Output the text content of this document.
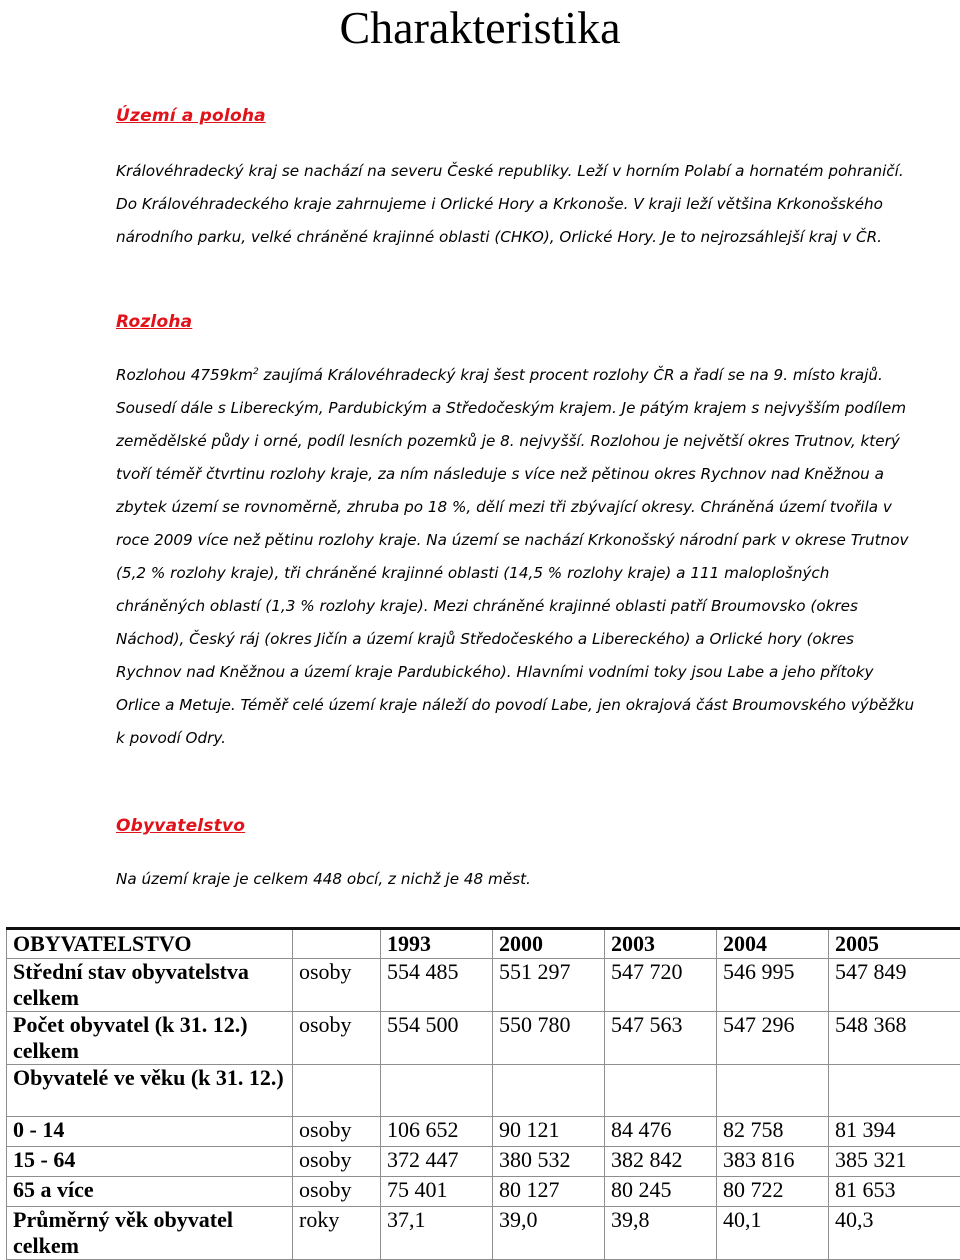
Charakteristika
Území a poloha

Královéhradecký kraj se nachází na severu České republiky. Leží v horním Polabí a hornatém pohraničí. Do Královéhradeckého kraje zahrnujeme i Orlické Hory a Krkonoše. V kraji leží většina Krkonošského národního parku, velké chráněné krajinné oblasti (CHKO), Orlické Hory. Je to nejrozsáhlejší kraj v ČR.

Rozloha

Rozlohou $4759km^2$ zaujímá Královéhradecký kraj šest procent rozlohy ČR a řadí se na 9. místo krajů. Sousedí dále s Libereckým, Pardubickým a Středočeským krajem. Je pátým krajem s nejvyšším podílem zemědělské půdy i orné, podíl lesních pozemků je 8. nejvyšší. Rozlohou je největší okres Trutnov, který tvoří téměř čtvrtinu rozlohy kraje, za ním následuje s více než pětinou okres Rychnov nad Kněžnou a zbytek území se rovnoměrně, zhruba po 18 %, dělí mezi tři zbývající okresy. Chráněná území tvořila v roce 2009 více než pětinu rozlohy kraje. Na území se nachází Krkonošský národní park v okrese Trutnov (5,2 % rozlohy kraje), tři chráněné krajinné oblasti (14,5 % rozlohy kraje) a 111 maloplošných chráněných oblastí (1,3 % rozlohy kraje). Mezi chráněné krajinné oblasti patří Broumovsko (okres Náchod), Český ráj (okres Jičín a území krajů Středočeského a Libereckého) a Orlické hory (okres Rychnov nad Kněžnou a území kraje Pardubického). Hlavními vodními toky jsou Labe a jeho přítoky Orlice a Metuje. Téměř celé území kraje náleží do povodí Labe, jen okrajová část Broumovského výběžku k povodí Odry.

Obyvatelstvo

Na území kraje je celkem 448 obcí, z nichž je 48 měst.

OBYVATELSTVO		1993	2000	2003	2004	2005
Střední stav obyvatelstva celkem	osoby	554 485	551 297	547 720	546 995	547 849
Počet obyvatel (k 31. 12.) celkem	osoby	554 500	550 780	547 563	547 296	548 368
Obyvatelé ve věku (k 31. 12.)						
0 - 14	osoby	106 652	90 121	84 476	82 758	81 394
15 - 64	osoby	372 447	380 532	382 842	383 816	385 321
65 a více	osoby	75 401	80 127	80 245	80 722	81 653
Průměrný věk obyvatel celkem	roky	37,1	39,0	39,8	40,1	40,3
